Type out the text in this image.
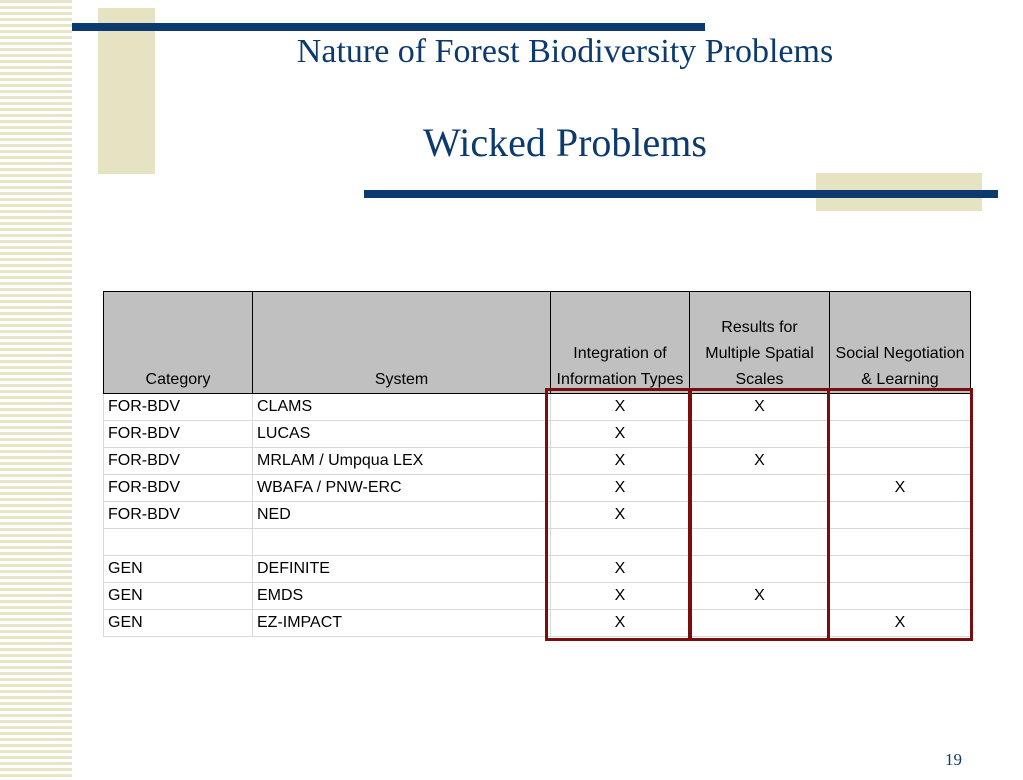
Nature of Forest Biodiversity Problems
Wicked Problems
Category	System	Integration of Information Types	Results for Multiple Spatial Scales	Social Negotiation & Learning
FOR-BDV	CLAMS	X	X	
FOR-BDV	LUCAS	X		
FOR-BDV	MRLAM / Umpqua LEX	X	X	
FOR-BDV	WBAFA / PNW-ERC	X		X
FOR-BDV	NED	X		

GEN	DEFINITE	X		
GEN	EMDS	X	X	
GEN	EZ-IMPACT	X		X
19
